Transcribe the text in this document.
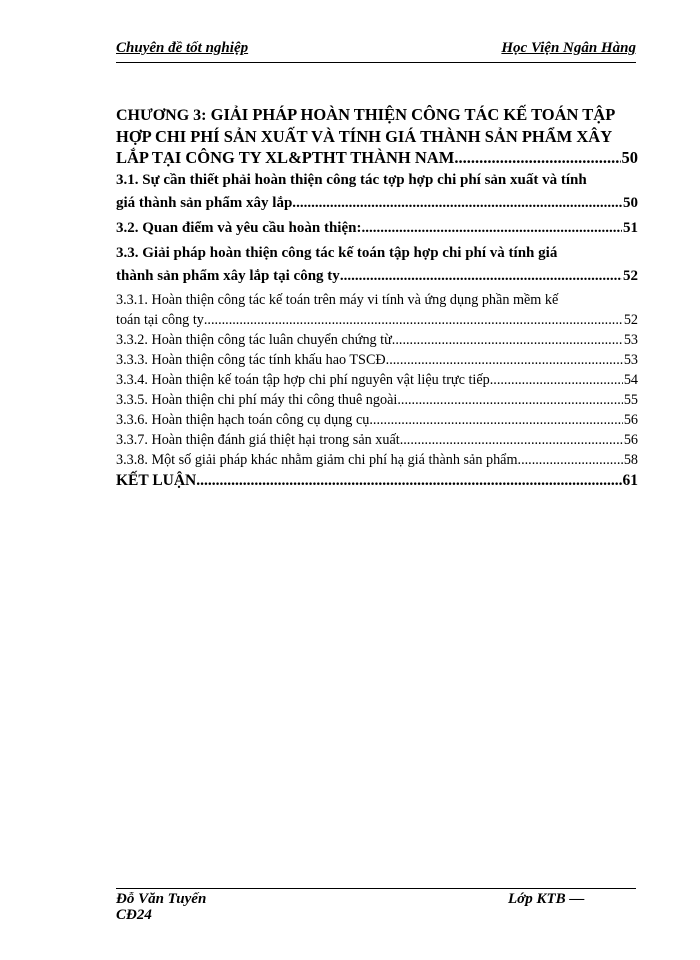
Chuyên đề tốt nghiệp	Học Viện Ngân Hàng
CHƯƠNG 3: GIẢI PHÁP HOÀN THIỆN CÔNG TÁC KẾ TOÁN TẬP
HỢP CHI PHÍ SẢN XUẤT VÀ TÍNH GIÁ THÀNH SẢN PHẨM XÂY
LẮP TẠI CÔNG TY XL&PTHT THÀNH NAM .....	50
3.1. Sự cần thiết phải hoàn thiện công tác tợp hợp chi phí sản xuất và tính
giá thành sản phẩm xây lắp. .....	50
3.2. Quan điểm và yêu cầu hoàn thiện: .....	51
3.3. Giải pháp hoàn thiện công tác kế toán tập hợp chi phí và tính giá
thành sản phẩm xây lắp tại công ty .....	52
3.3.1. Hoàn thiện công tác kế toán trên máy vi tính và ứng dụng phần mềm kế
toán tại công ty .....	52
3.3.2. Hoàn thiện công tác luân chuyển chứng từ. .....	53
3.3.3. Hoàn thiện công tác tính khấu hao TSCĐ .....	53
3.3.4. Hoàn thiện kế toán tập hợp chi phí nguyên vật liệu trực tiếp. .....	54
3.3.5. Hoàn thiện chi phí máy thi công thuê ngoài. .....	55
3.3.6. Hoàn thiện hạch toán công cụ dụng cụ .....	56
3.3.7. Hoàn thiện đánh giá thiệt hại trong sản xuất .....	56
3.3.8. Một số giải pháp khác nhằm giảm chi phí hạ giá thành sản phẩm .....	58
KẾT LUẬN .....	61
Đỗ Văn Tuyến
CĐ24
Lớp KTB —
